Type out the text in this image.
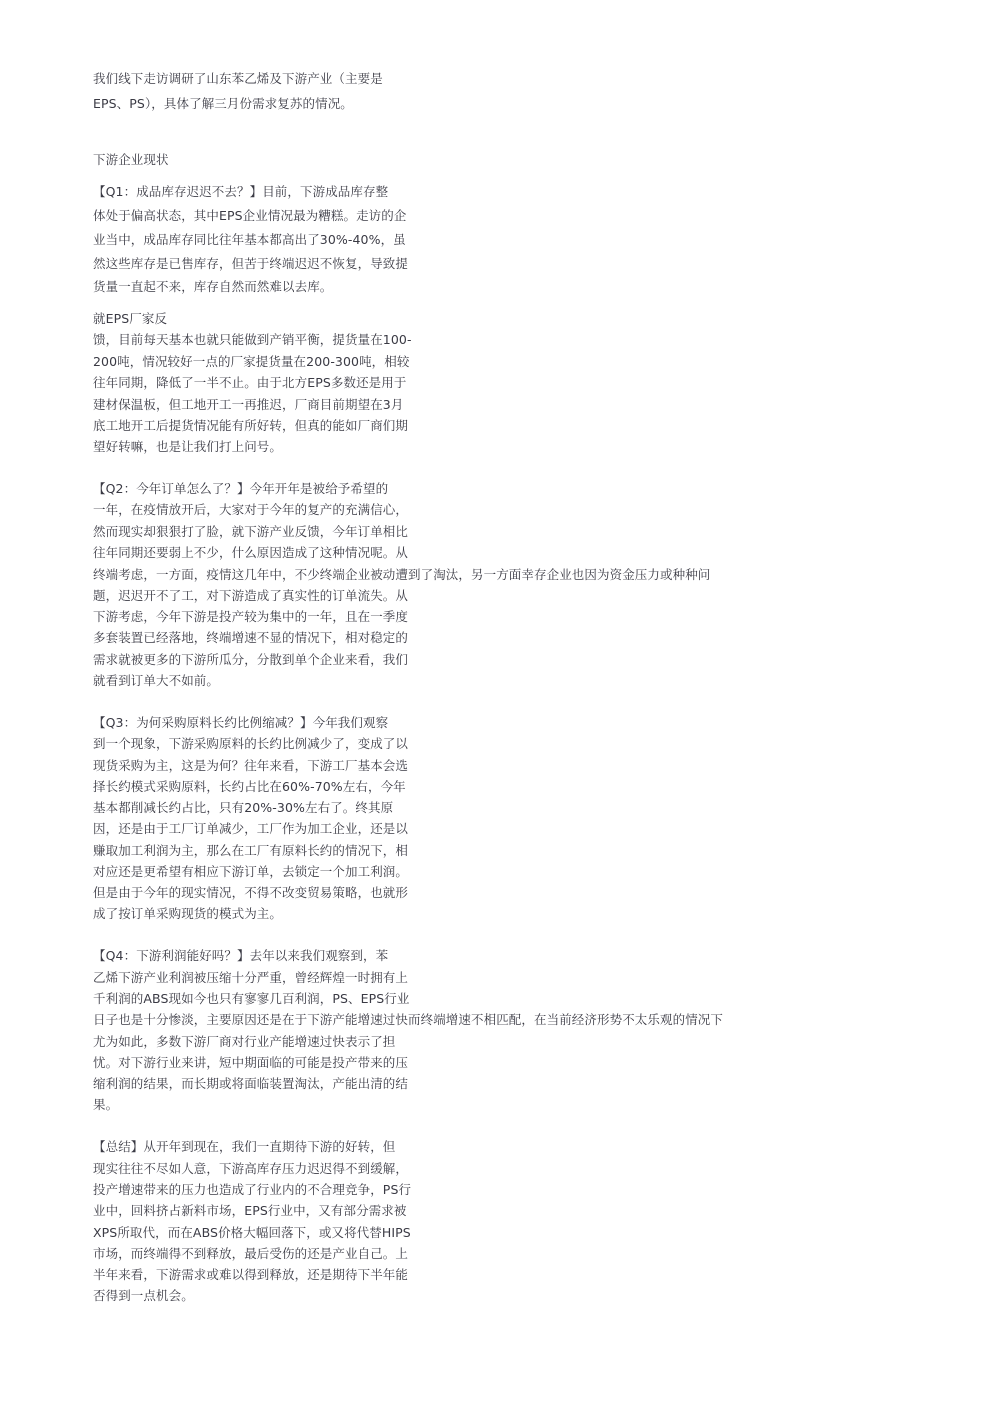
我们线下走访调研了山东苯乙烯及下游产业（主要是
EPS、PS），具体了解三月份需求复苏的情况。
下游企业现状
【Q1：成品库存迟迟不去？】目前，下游成品库存整
体处于偏高状态，其中EPS企业情况最为糟糕。走访的企
业当中，成品库存同比往年基本都高出了30%-40%，虽
然这些库存是已售库存，但苦于终端迟迟不恢复，导致提
货量一直起不来，库存自然而然难以去库。
就EPS厂家反
馈，目前每天基本也就只能做到产销平衡，提货量在100-
200吨，情况较好一点的厂家提货量在200-300吨，相较
往年同期，降低了一半不止。由于北方EPS多数还是用于
建材保温板，但工地开工一再推迟，厂商目前期望在3月
底工地开工后提货情况能有所好转，但真的能如厂商们期
望好转嘛，也是让我们打上问号。
【Q2：今年订单怎么了？】今年开年是被给予希望的
一年，在疫情放开后，大家对于今年的复产的充满信心，
然而现实却狠狠打了脸，就下游产业反馈，今年订单相比
往年同期还要弱上不少，什么原因造成了这种情况呢。从
终端考虑，一方面，疫情这几年中，不少终端企业被动遭到了淘汰，另一方面幸存企业也因为资金压力或种种问
题，迟迟开不了工，对下游造成了真实性的订单流失。从
下游考虑，今年下游是投产较为集中的一年，且在一季度
多套装置已经落地，终端增速不显的情况下，相对稳定的
需求就被更多的下游所瓜分，分散到单个企业来看，我们
就看到订单大不如前。
【Q3：为何采购原料长约比例缩减？】今年我们观察
到一个现象，下游采购原料的长约比例减少了，变成了以
现货采购为主，这是为何？往年来看，下游工厂基本会选
择长约模式采购原料，长约占比在60%-70%左右，今年
基本都削减长约占比，只有20%-30%左右了。终其原
因，还是由于工厂订单减少，工厂作为加工企业，还是以
赚取加工利润为主，那么在工厂有原料长约的情况下，相
对应还是更希望有相应下游订单，去锁定一个加工利润。
但是由于今年的现实情况，不得不改变贸易策略，也就形
成了按订单采购现货的模式为主。
【Q4：下游利润能好吗？】去年以来我们观察到，苯
乙烯下游产业利润被压缩十分严重，曾经辉煌一时拥有上
千利润的ABS现如今也只有寥寥几百利润，PS、EPS行业
日子也是十分惨淡，主要原因还是在于下游产能增速过快而终端增速不相匹配，在当前经济形势不太乐观的情况下
尤为如此，多数下游厂商对行业产能增速过快表示了担
忧。对下游行业来讲，短中期面临的可能是投产带来的压
缩利润的结果，而长期或将面临装置淘汰，产能出清的结
果。
【总结】从开年到现在，我们一直期待下游的好转，但
现实往往不尽如人意，下游高库存压力迟迟得不到缓解，
投产增速带来的压力也造成了行业内的不合理竞争，PS行
业中，回料挤占新料市场，EPS行业中，又有部分需求被
XPS所取代，而在ABS价格大幅回落下，或又将代替HIPS
市场，而终端得不到释放，最后受伤的还是产业自己。上
半年来看，下游需求或难以得到释放，还是期待下半年能
否得到一点机会。
